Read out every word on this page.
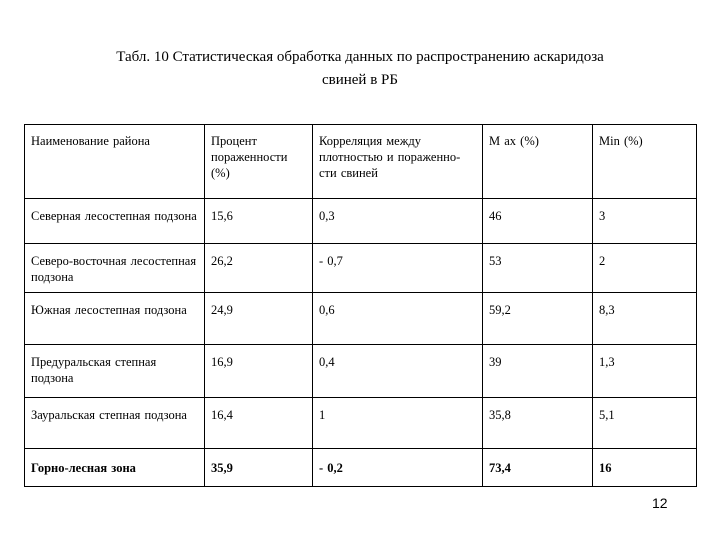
Табл. 10 Статистическая обработка данных по распространению аскаридоза
свиней в РБ
Наименование района	Процент пораженности (%)	Корреляция между плотностью и пораженно-сти свиней	M ax (%)	Min (%)
Северная лесостепная подзона	15,6	0,3	46	3
Северо-восточная лесостепная подзона	26,2	- 0,7	53	2
Южная лесостепная подзона	24,9	0,6	59,2	8,3
Предуральская степная подзона	16,9	0,4	39	1,3
Зауральская степная подзона	16,4	1	35,8	5,1
Горно-лесная зона	35,9	- 0,2	73,4	16
12
